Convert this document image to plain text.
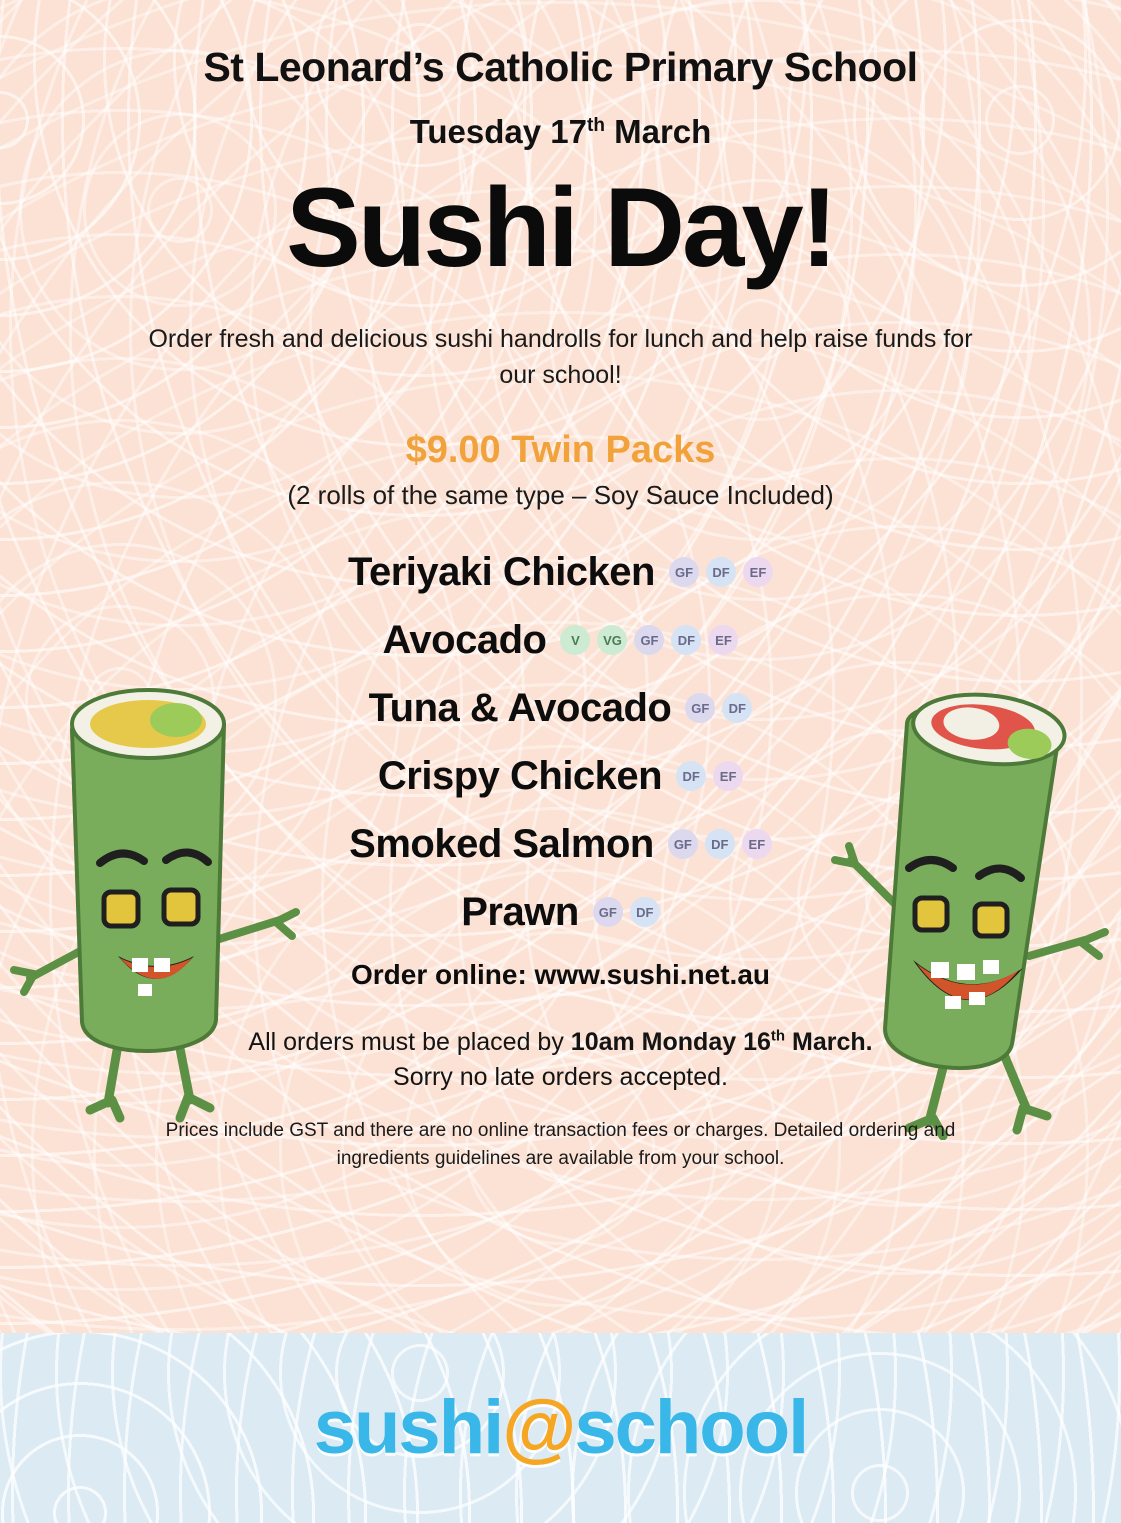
St Leonard’s Catholic Primary School

Tuesday 17th March

Sushi Day!

Order fresh and delicious sushi handrolls for lunch and help raise funds for our school!

$9.00 Twin Packs

(2 rolls of the same type – Soy Sauce Included)

Teriyaki Chicken	GF	DF	EF
Avocado	V	VG	GF	DF	EF
Tuna & Avocado	GF	DF
Crispy Chicken	DF	EF
Smoked Salmon	GF	DF	EF
Prawn	GF	DF

Order online: www.sushi.net.au

All orders must be placed by 10am Monday 16th March.
Sorry no late orders accepted.

Prices include GST and there are no online transaction fees or charges. Detailed ordering and ingredients guidelines are available from your school.

sushi@school
